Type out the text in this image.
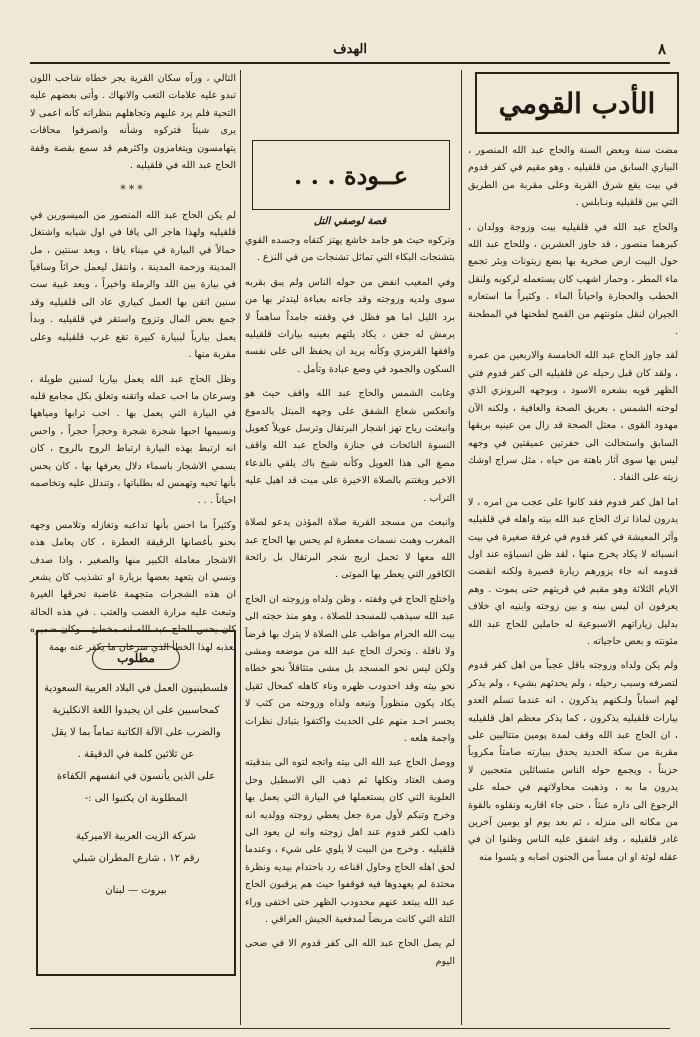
الهدف	٨
الأدب القومي

مضت سنة وبعض السنة والحاج عبد الله المنصور ، البياري السابق من قلقيليه ، وهو مقيم في كفر قدوم في بيت يقع شرق القرية وعلى مقربة من الطريق التي بين قلقيليه ونـابلس .

والحاج عبد الله في قلقيليه بيت وزوجة وولدان ، كبرهما منصور ، قد جاوز العشرين ، وللحاج عبد الله حول البيت ارض صخرية بها بضع زيتونات وبئر تجمع ماء المطر ، وحمار اشهب كان يستعمله لركوبه ولنقل الحطب والحجارة واحياناً الماء . وكثيراً ما استعاره الجيران لنقل مئونتهم من القمح لطحنها في المطحنة .

لقد جاوز الحاج عبد الله الخامسة والاربعين من عمره ، ولقد كان قبل رحيله عن قلقيليه الى كفر قدوم فتي الظهر قويه بشعره الاسود ، وبوجهه البرونزي الذي لوحته الشمس ، بعريق الصحة والعافية ، ولكنه الآن مهدود القوى ، معتل الصحة قد زال من عينيه بريقها السابق واستحالت الى حفرتين عميقتين في وجهه ليس بها سوى آثار باهتة من حياه ، مثل سراج اوشك زيته على النفاد .

اما اهل كفر قدوم فقد كانوا على عجب من امره ، لا يدرون لماذا ترك الحاج عبد الله بيته واهله في قلقيليه وآثر المعيشة في كفر قدوم في غرفة صغيرة في بيت انسبائه لا يكاد يخرج منها ، لقد ظن انسباؤه عند اول قدومه انه جاء يزورهم زيارة قصيرة ولكنه انقضت الايام الثلاثة وهو مقيم في قريتهم حتى يموت . وهم يعرفون ان ليس بينه و بين زوجته وابنيه اي خلاف بدليل زياراتهم الاسبوعية له حاملين للحاج عبد الله مئونته و بعض حاجياته .

ولم يكن ولداه وزوجته باقل عجباً من اهل كفر قدوم لتصرفه وسبب رحيله ، ولم يحدثهم بشيء ، ولم يذكر لهم اسباباً ولـكنهم يذكرون ، انه عندما تسلم العدو بيارات قلقيليه يذكرون ، كما يذكر معظم اهل قلقيليه ، ان الحاج عبد الله وقف لمدة يومين متتاليين على مقربة من سكة الحديد يحدق ببيارته صامتاً مكروباً حزيناً ، ويجمع حوله الناس متسائلين متعجبين لا يدرون ما به ، وذهبت محاولاتهم في حمله على الرجوع الى داره عبثاً ، حتى جاء اقاربه ونقلوه بالقوة من مكانه الى منزله ، ثم بعد يوم او يومين آخرين غادر قلقيليه ، وقد اشفق عليه الناس وظنوا ان في عقله لوثة او ان مساً من الجنون اصابه و يئسوا منه

عــودة . . .
قصة لوصفي التل

وتركوه حيث هو جامد خاشع يهتز كتفاه وجسده القوي بتشنجات البكاء التي تماثل تشنجات من في النزع .

وفي المغيب انفض من حوله الناس ولم يبق بقربه سوى ولديه وزوجته وقد جاءته بعباءة ليتدثر بها من برد الليل اما هو فظل في وقفته جامداً ساهماً لا يرمش له جفن ، يكاد يلتهم بعينيه بيارات قلقيليه وافقها القرمزي وكأنه يريد ان يحفظ الى على نفسه السكون والجمود في وضع عبادة وتأمل .

وغابت الشمس والحاج عبد الله واقف حيث هو وانعكس شعاع الشفق على وجهه المبتل بالدموع وانبعثت رياح تهز اشجار البرتقال وترسل عويلاً كعويل النسوة النائحات في جنازة والحاج عبد الله واقف مصغ الى هذا العويل وكأنه شيخ باك يلقي بالدعاء الاخير ويغتنم بالصلاة الاخيرة على ميت قد اهيل عليه التراب .

وانبعث من مسجد القرية صلاة المؤذن يدعو لصلاة المغرب وهبت نسمات معطرة لم يحس بها الحاج عبد الله معها لا تحمل اريج شجر البرتقال بل رائحة الكافور التي يعطر بها الموتى .

واختلج الحاج في وقفته ، وظن ولداه وزوجته ان الحاج عبد الله سيذهب للمسجد للصلاة ، وهو منذ حجته الى بيت الله الحرام مواظب على الصلاة لا يترك بها فرضاً ولا نافلة . وتحرك الحاج عبد الله من موضعه ومشى ولكن ليس نحو المسجد بل مشى متثاقلاً نحو خطاه نحو بيته وقد احدودب ظهره وناء كاهله كمحال ثقيل يكاد يكون منظوراً وتبعه ولداه وزوجته من كثب لا يجسر احـد منهم على الحديث واكتفوا بتبادل نظرات واجمة هلعه .

ووصل الحاج عبد الله الى بيته واتجه لتوه الى بندقيته وصف العتاد ونكلها ثم ذهب الى الاسطبل وحل العلوية التي كان يستعملها في البيارة التي يعمل بها وخرج وتبكم لأول مرة جعل يعطي زوجته وولديه انه ذاهب لكفر قدوم عند اهل زوجته وانه لن يعود الى قلقيليه . وخرج من البيت لا يلوي على شيء ، وعندما لحق اهله الحاج وحاول اقناعه رد باحتدام بيديه ونظرة محتدة لم يعهدوها فيه فوقفوا حيث هم يرقبون الحاج عبد الله يبتعد عنهم محدودب الظهر حتى اختفى وراء التلة التي كانت مربضاً لمدفعية الجيش العراقي .

لم يصل الحاج عبد الله الى كفر قدوم الا في ضحى اليوم

التالي ، ورآه سكان القرية يجر خطاه شاحب اللون تبدو عليه علامات التعب والانهاك . وأتى بعضهم عليه التحية فلم يرد عليهم وتجاهلهم بنظراته كأنه اعمى لا يرى شيئاً فتركوه وشأنه وانصرفوا محاقات يتهامسون ويتغامزون واكثرهم قد سمع بقصة وقفة الحاج عبد الله في قلقيليه .

***

لم يكن الحاج عبد الله المنصور من الميسورين في قلقيليه ولهذا هاجر الى يافا في اول شبابه واشتغل حمالاً في البيارة في ميناء يافا ، وبعد سنتين ، مل المدينة وزحمة المدينة ، وانتقل ليعمل حراثاً وساقياً في بيارة بين اللد والرملة واخيراً ، وبعد غيبة ست سنين اتقن بها العمل كبياري عاد الى قلقيليه وقد جمع بعض المال وتزوج واستقر في قلقيليه . وبدأ يعمل بيارياً ليبيارة كبيرة تقع غرب قلقيليه وعلى مقربة منها .

وظل الحاج عبد الله يعمل بياريا لسنين طويلة ، وسرعان ما احب عمله واتقنه وتعلق بكل مجامع قلبه في البيارة التي يعمل بها . احب ترابها ومياهها ونسيمها احبها شجرة شجرة وحجراً حجراً ، واحس انه ارتبط بهذه البيارة ارتباط الروح بالروح ، كان يسمي الاشجار باسماء دلال يعرفها بها ، كان يحس بأنها تحيه وتهمس له بطلباتها ، وتندلل عليه وتخاصمه احياناً . . .

وكثيراً ما احس بأنها تداعبه وتغازله وتلامس وجهه بحنو بأغصانها الرقيقة العطرة ، كان يعامل هذه الاشجار معاملة الكبير منها والصغير ، واذا صدف ونسي ان يتعهد بعضها بزيارة او تشذيب كان يشعر ان هذه الشجرات متجهمة غاضبة تحرقها الغيرة وتبعث عليه مرارة الغضب والعتب . في هذه الحالة كان يحس الحاج عبد الله انه مخطئ ، وكان ضميره يعذبه لهذا الخطأ الذي سرعان ما يكفر عنه بهمة

مطلوب

فلسطينيون العمل في البلاد العربية السعودية

كمحاسبين على ان يجيدوا اللغة الانكليزية والضرب على الآلة الكاتبة تماماً بما لا يقل عن ثلاثين كلمة في الدقيقة .

على الذين يأنسون في انفسهم الكفاءة المطلوبة ان يكتبوا الى :-

شركة الزيت العربية الاميركية

رقم ١٢ ، شارع المطران شبلي

بيروت — لبنان
